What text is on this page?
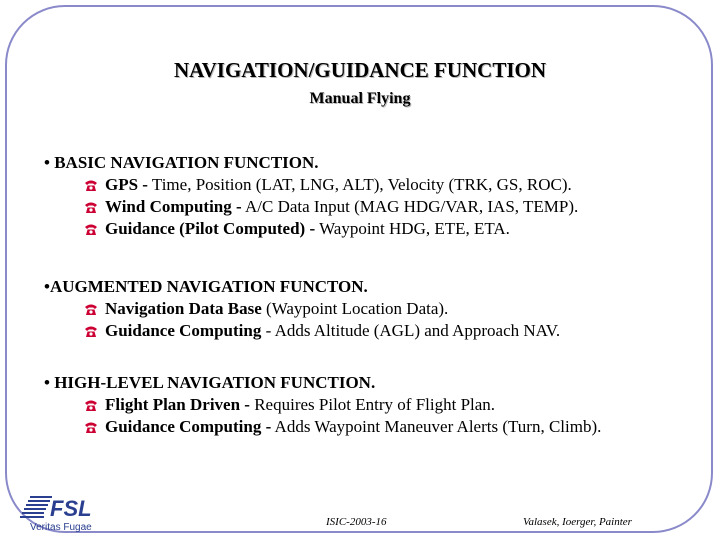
NAVIGATION/GUIDANCE FUNCTION
Manual Flying
• BASIC NAVIGATION FUNCTION.
GPS - Time, Position (LAT, LNG, ALT), Velocity (TRK, GS, ROC).
Wind Computing - A/C Data Input (MAG HDG/VAR, IAS, TEMP).
Guidance (Pilot Computed) - Waypoint HDG, ETE, ETA.
•AUGMENTED NAVIGATION FUNCTON.
Navigation Data Base (Waypoint Location Data).
Guidance Computing - Adds Altitude (AGL) and Approach NAV.
• HIGH-LEVEL NAVIGATION FUNCTION.
Flight Plan Driven - Requires Pilot Entry of Flight Plan.
Guidance Computing - Adds Waypoint Maneuver Alerts (Turn, Climb).
FSL
Veritas Fugae	ISIC-2003-16	Valasek, Ioerger, Painter
